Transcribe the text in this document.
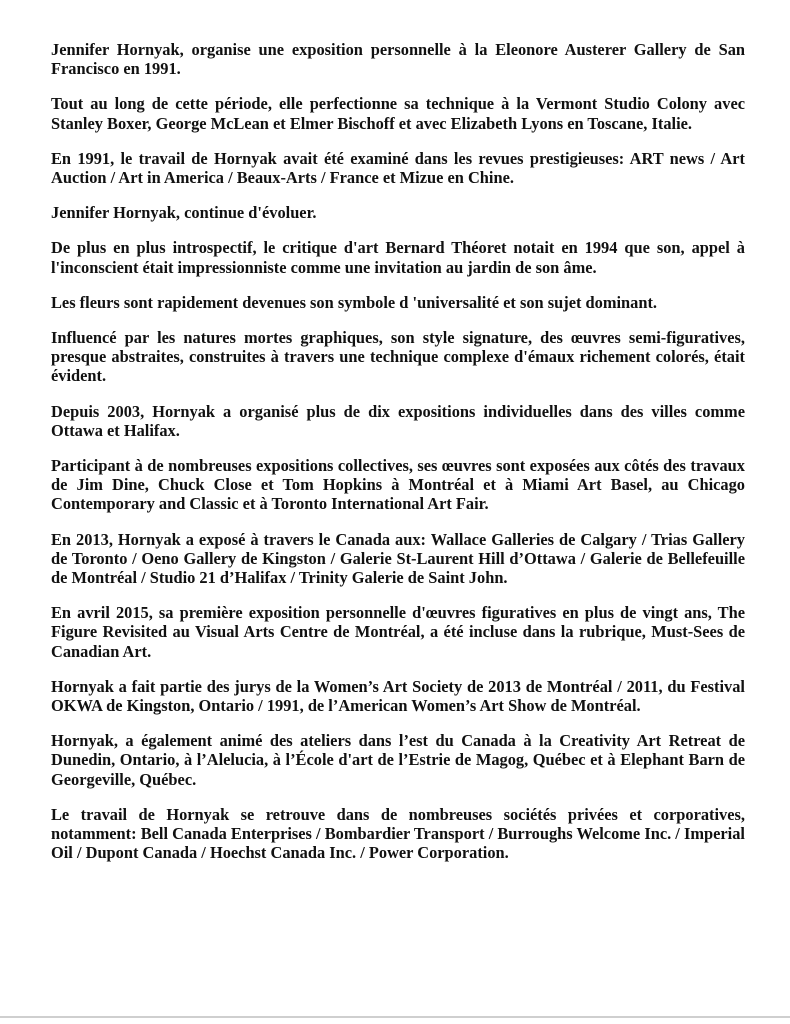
Jennifer Hornyak, organise une exposition personnelle à la Eleonore Austerer Gallery de San Francisco en 1991.

Tout au long de cette période, elle perfectionne sa technique à la Vermont Studio Colony avec Stanley Boxer, George McLean et Elmer Bischoff et avec Elizabeth Lyons en Toscane, Italie.

En 1991, le travail de Hornyak avait été examiné dans les revues prestigieuses: ART news / Art Auction / Art in America / Beaux-Arts / France et Mizue en Chine.

Jennifer Hornyak, continue d'évoluer.

De plus en plus introspectif, le critique d'art Bernard Théoret notait en 1994 que son, appel à l'inconscient était impressionniste comme une invitation au jardin de son âme.

Les fleurs sont rapidement devenues son symbole d 'universalité et son sujet dominant.

Influencé par les natures mortes graphiques, son style signature, des œuvres semi-figuratives, presque abstraites, construites à travers une technique complexe d'émaux richement colorés, était évident.

Depuis 2003, Hornyak a organisé plus de dix expositions individuelles dans des villes comme Ottawa et Halifax.

Participant à de nombreuses expositions collectives, ses œuvres sont exposées aux côtés des travaux de Jim Dine, Chuck Close et Tom Hopkins à Montréal et à Miami Art Basel, au Chicago Contemporary and Classic et à Toronto International Art Fair.

En 2013, Hornyak a exposé à travers le Canada aux: Wallace Galleries de Calgary / Trias Gallery de Toronto / Oeno Gallery de Kingston / Galerie St-Laurent Hill d’Ottawa / Galerie de Bellefeuille de Montréal / Studio 21 d’Halifax / Trinity Galerie de Saint John.

En avril 2015, sa première exposition personnelle d'œuvres figuratives en plus de vingt ans, The Figure Revisited au Visual Arts Centre de Montréal, a été incluse dans la rubrique, Must-Sees de Canadian Art.

Hornyak a fait partie des jurys de la Women’s Art Society de 2013 de Montréal / 2011, du Festival OKWA de Kingston, Ontario / 1991, de l’American Women’s Art Show de Montréal.

Hornyak, a également animé des ateliers dans l’est du Canada à la Creativity Art Retreat de Dunedin, Ontario, à l’Alelucia, à l’École d'art de l’Estrie de Magog, Québec et à Elephant Barn de Georgeville, Québec.

Le travail de Hornyak se retrouve dans de nombreuses sociétés privées et corporatives, notamment: Bell Canada Enterprises / Bombardier Transport / Burroughs Welcome Inc. / Imperial Oil / Dupont Canada / Hoechst Canada Inc. / Power Corporation.
